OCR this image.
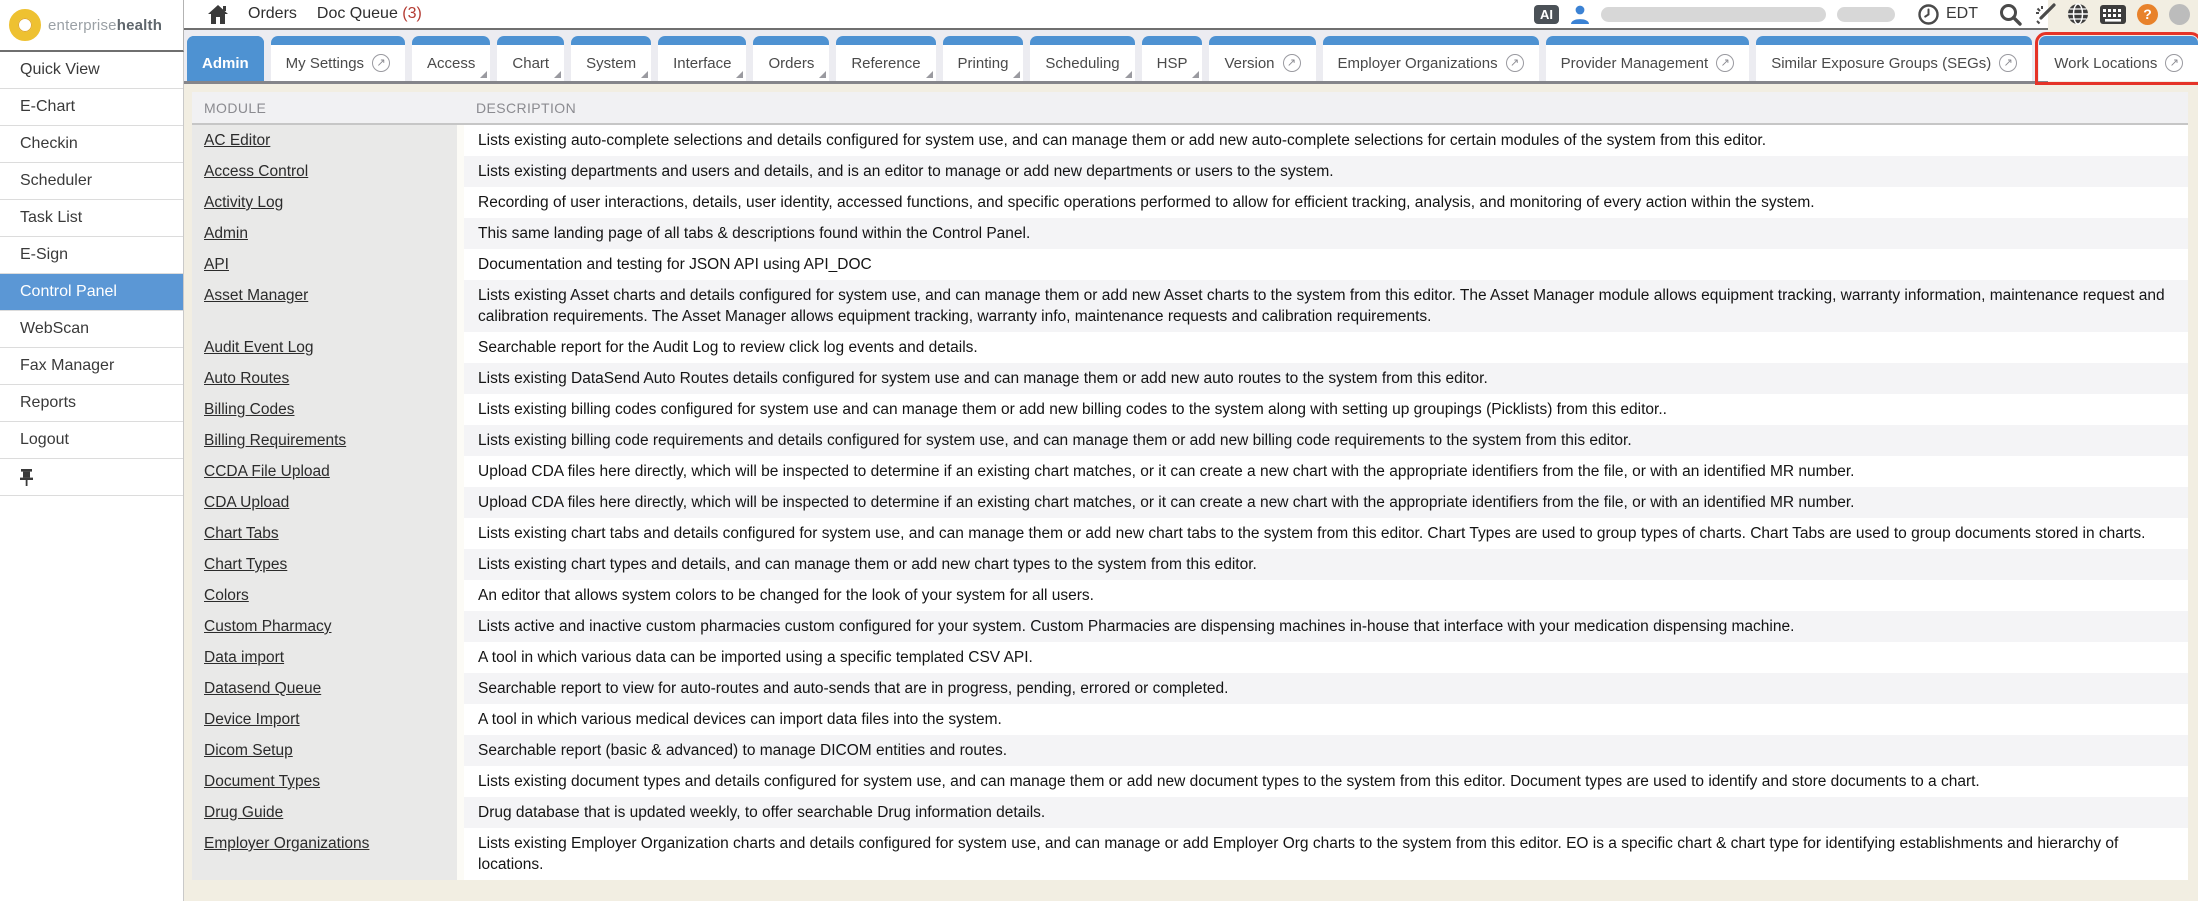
enterprisehealth
Orders Doc Queue (3)	AI	EDT	?
Admin My Settings	↗	Access Chart System Interface Orders Reference Printing Scheduling HSP Version	↗	Employer Organizations	↗	Provider Management	↗	Similar Exposure Groups (SEGs)	↗	Work Locations	↗
Quick View
E-Chart
Checkin
Scheduler
Task List
E-Sign
Control Panel
WebScan
Fax Manager
Reports
Logout
MODULE	DESCRIPTION
AC Editor	Lists existing auto-complete selections and details configured for system use, and can manage them or add new auto-complete selections for certain modules of the system from this editor.
Access Control	Lists existing departments and users and details, and is an editor to manage or add new departments or users to the system.
Activity Log	Recording of user interactions, details, user identity, accessed functions, and specific operations performed to allow for efficient tracking, analysis, and monitoring of every action within the system.
Admin	This same landing page of all tabs & descriptions found within the Control Panel.
API	Documentation and testing for JSON API using API_DOC
Asset Manager	Lists existing Asset charts and details configured for system use, and can manage them or add new Asset charts to the system from this editor. The Asset Manager module allows equipment tracking, warranty information, maintenance request and calibration requirements. The Asset Manager allows equipment tracking, warranty info, maintenance requests and calibration requirements.
Audit Event Log	Searchable report for the Audit Log to review click log events and details.
Auto Routes	Lists existing DataSend Auto Routes details configured for system use and can manage them or add new auto routes to the system from this editor.
Billing Codes	Lists existing billing codes configured for system use and can manage them or add new billing codes to the system along with setting up groupings (Picklists) from this editor..
Billing Requirements	Lists existing billing code requirements and details configured for system use, and can manage them or add new billing code requirements to the system from this editor.
CCDA File Upload	Upload CDA files here directly, which will be inspected to determine if an existing chart matches, or it can create a new chart with the appropriate identifiers from the file, or with an identified MR number.
CDA Upload	Upload CDA files here directly, which will be inspected to determine if an existing chart matches, or it can create a new chart with the appropriate identifiers from the file, or with an identified MR number.
Chart Tabs	Lists existing chart tabs and details configured for system use, and can manage them or add new chart tabs to the system from this editor. Chart Types are used to group types of charts. Chart Tabs are used to group documents stored in charts.
Chart Types	Lists existing chart types and details, and can manage them or add new chart types to the system from this editor.
Colors	An editor that allows system colors to be changed for the look of your system for all users.
Custom Pharmacy	Lists active and inactive custom pharmacies custom configured for your system. Custom Pharmacies are dispensing machines in-house that interface with your medication dispensing machine.
Data import	A tool in which various data can be imported using a specific templated CSV API.
Datasend Queue	Searchable report to view for auto-routes and auto-sends that are in progress, pending, errored or completed.
Device Import	A tool in which various medical devices can import data files into the system.
Dicom Setup	Searchable report (basic & advanced) to manage DICOM entities and routes.
Document Types	Lists existing document types and details configured for system use, and can manage them or add new document types to the system from this editor. Document types are used to identify and store documents to a chart.
Drug Guide	Drug database that is updated weekly, to offer searchable Drug information details.
Employer Organizations	Lists existing Employer Organization charts and details configured for system use, and can manage or add Employer Org charts to the system from this editor. EO is a specific chart & chart type for identifying establishments and hierarchy of locations.
